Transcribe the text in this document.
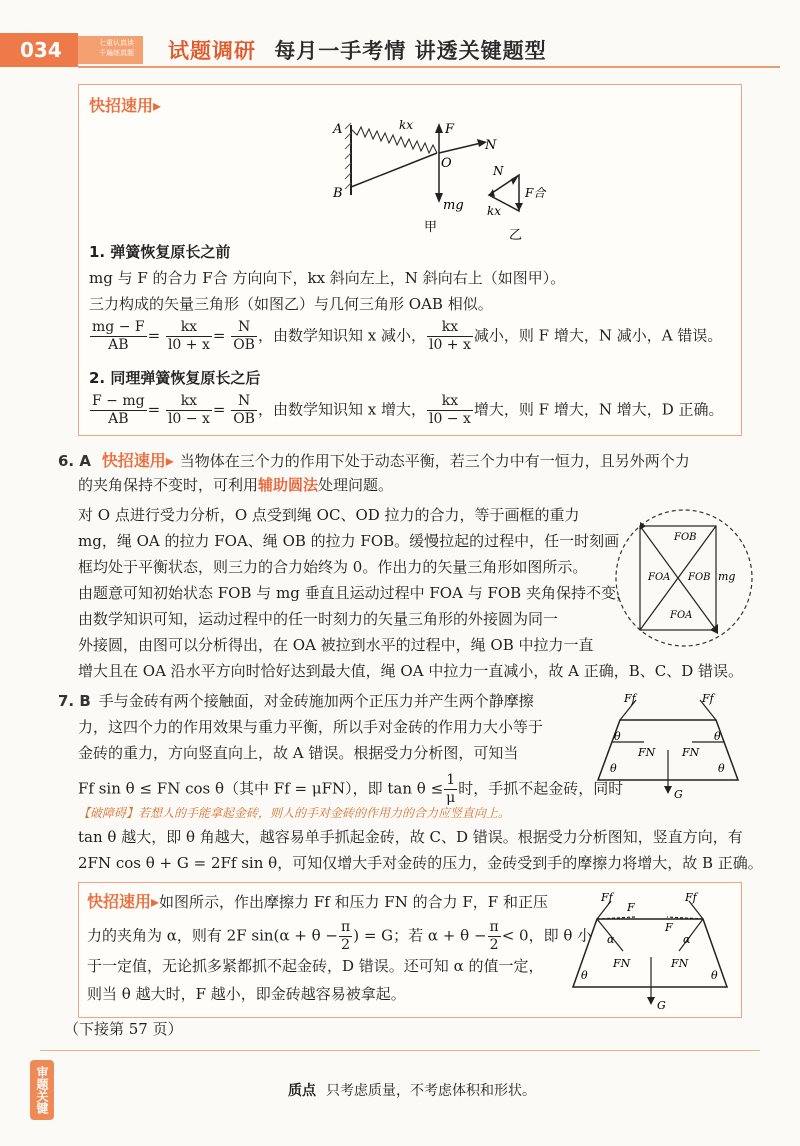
034	七重认真读
千遍练真题 试题调研 每月一手考情 讲透关键题型
快招速用▸
A
B
kx F
O
N
mg
甲
N
F合
kx
乙
1. 弹簧恢复原长之前
mg 与 F 的合力 F合 方向向下，kx 斜向左上，N 斜向右上（如图甲）。
三力构成的矢量三角形（如图乙）与几何三角形 OAB 相似。
$\frac{mg - F}{AB} = \frac{kx}{l0 + x} = \frac{N}{OB}$ ，由数学知识知 x 减小， $\frac{kx}{l0 + x}$ 减小，则 F 增大，N 减小，A 错误。
2. 同理弹簧恢复原长之后
$\frac{F - mg}{AB} = \frac{kx}{l0 - x} = \frac{N}{OB}$ ，由数学知识知 x 增大， $\frac{kx}{l0 - x}$ 增大，则 F 增大，N 增大，D 正确。
6. A 快招速用▸ 当物体在三个力的作用下处于动态平衡，若三个力中有一恒力，且另外两个力
的夹角保持不变时，可利用辅助圆法处理问题。
对 O 点进行受力分析，O 点受到绳 OC、OD 拉力的合力，等于画框的重力
mg，绳 OA 的拉力 FOA、绳 OB 的拉力 FOB。缓慢拉起的过程中，任一时刻画
框均处于平衡状态，则三力的合力始终为 0。作出力的矢量三角形如图所示。
由题意可知初始状态 FOB 与 mg 垂直且运动过程中 FOA 与 FOB 夹角保持不变，
由数学知识可知，运动过程中的任一时刻力的矢量三角形的外接圆为同一
外接圆，由图可以分析得出，在 OA 被拉到水平的过程中，绳 OB 中拉力一直
增大且在 OA 沿水平方向时恰好达到最大值，绳 OA 中拉力一直减小，故 A 正确，B、C、D 错误。
FOB
FOA FOB mg
FOA
7. B 手与金砖有两个接触面，对金砖施加两个正压力并产生两个静摩擦
力，这四个力的作用效果与重力平衡，所以手对金砖的作用力大小等于
金砖的重力，方向竖直向上，故 A 错误。根据受力分析图，可知当
Ff sin θ ≤ FN cos θ（其中 Ff = μFN），即 $\tan \theta \le \frac{1}{\mu}$ 时，手抓不起金砖，同时
【破障碍】若想人的手能拿起金砖，则人的手对金砖的作用力的合力应竖直向上。
tan θ 越大，即 θ 角越大，越容易单手抓起金砖，故 C、D 错误。根据受力分析图知，竖直方向，有
2FN cos θ + G = 2Ff sin θ，可知仅增大手对金砖的压力，金砖受到手的摩擦力将增大，故 B 正确。
Ff	Ff
θ	θ
θ
FN FN
θ
G
快招速用▸如图所示，作出摩擦力 Ff 和压力 FN 的合力 F，F 和正压
力的夹角为 α，则有 2F $\sin(\alpha + \theta - \frac{\pi}{2}$ ) = G；若 $\alpha + \theta - \frac{\pi}{2} < 0$，即 θ 小
于一定值，无论抓多紧都抓不起金砖，D 错误。还可知 α 的值一定，
则当 θ 越大时，F 越小，即金砖越容易被拿起。
Ff
F
F
Ff
α	α
FN	FN
θ	θ
G
（下接第 57 页）
审题关键	质点 只考虑质量，不考虑体积和形状。
